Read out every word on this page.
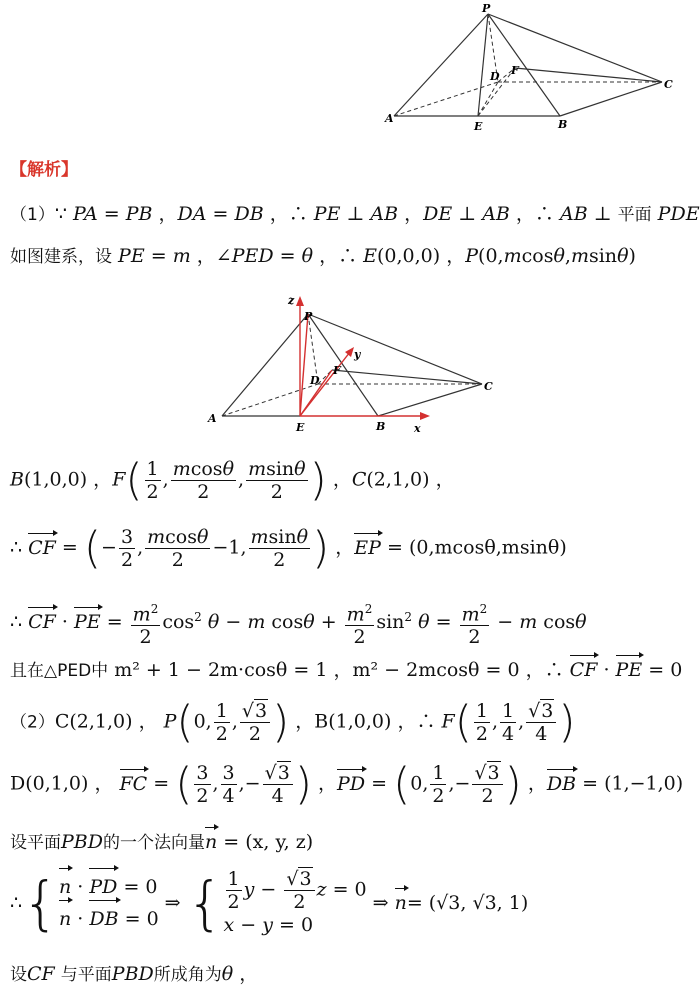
P
D F
C
A
E	B
【解析】
（1）∵ PA = PB ，DA = DB ，∴ PE ⊥ AB ，DE ⊥ AB ，∴ AB ⊥ 平面 PDE
如图建系，设 PE = m ，∠PED = θ ，∴ E(0,0,0) ，P(0,mcosθ,msinθ)
z
y
x
P
D
F
C
A
E	B
B(1,0,0) ，$F( \frac{1}{2}$ , $\frac{mcos\theta}{2}$ , $\frac{msin\theta}{2}$ ) ，C(2,1,0) ，
∴ CF = (− $\frac{3}{2}$ , $\frac{mcos\theta}{2} -1$, $\frac{msin\theta}{2}$ ) ，EP = (0,mcosθ,msinθ)
∴ CF · PE = $\frac{m^2}{2} \cos^2 \theta - m$ $\cos\theta + \frac{m^2}{2} \sin^2 \theta = \frac{m^2}{2} - m$ cosθ
且在△PED中 m² + 1 − 2m·cosθ = 1 ，m² − 2mcosθ = 0 ，∴ CF · PE = 0
（2）C(2,1,0) ， P(0, $\frac{1}{2}$ , $\frac{√3}{2}$ ) ，B(1,0,0) ，∴ $F( \frac{1}{2}$ , $\frac{1}{4}$ , $\frac{√3}{4}$ )
D(0,1,0) ， FC = ( $\frac{3}{2}$ , $\frac{3}{4}$ ,− $\frac{√3}{4}$ ) ，PD = (0, $\frac{1}{2}$ ,− $\frac{√3}{2}$ ) ，DB = (1,−1,0)
设平面PBD的一个法向量n = (x, y, z)
∴ { n · PD = 0
n · DB = 0
⇒ { $\frac{1}{2}$ $y - \frac{√3}{2}$ z = 0
x − y = 0
⇒ n = (√3, √3, 1)
设CF 与平面PBD所成角为θ ，
